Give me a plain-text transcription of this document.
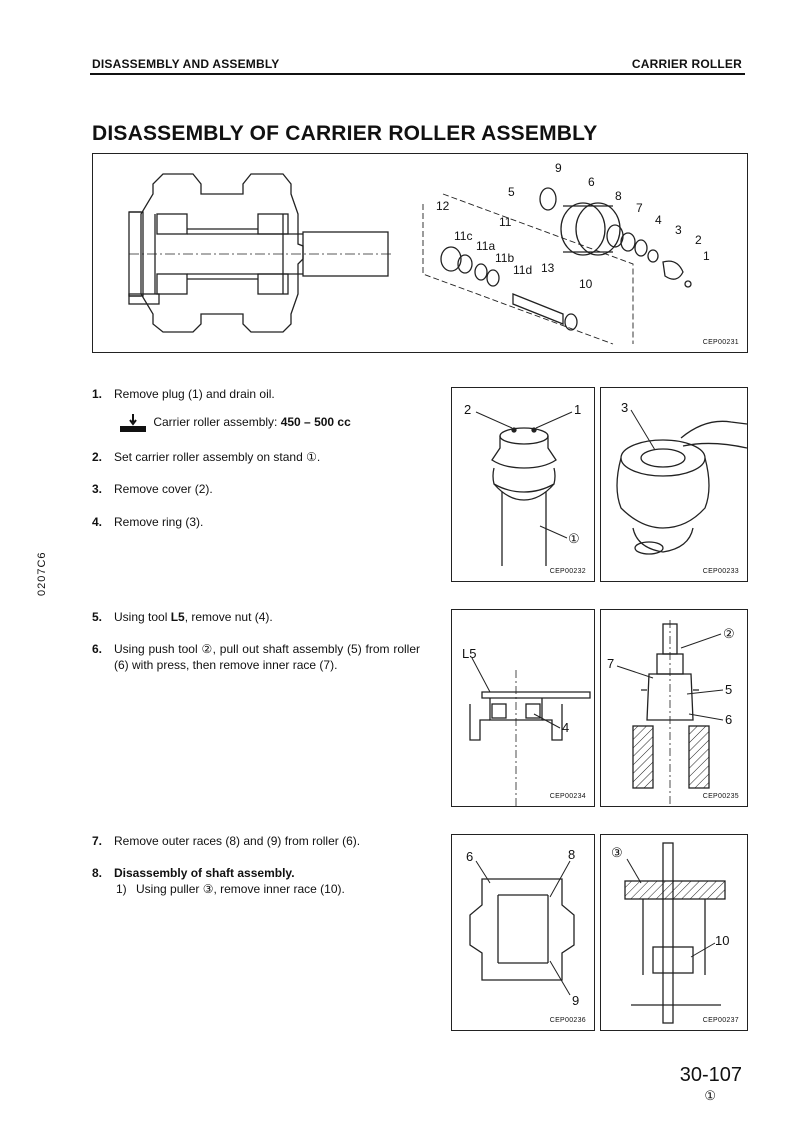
DISASSEMBLY AND ASSEMBLY	CARRIER ROLLER
DISASSEMBLY OF CARRIER ROLLER ASSEMBLY
0207C6
9
6
5	8
12	7
11	4
3
11c
11a	2
11b	1
11d 13
10
CEP00231
1. Remove plug (1) and drain oil.
Carrier roller assembly: 450 – 500 cc
2. Set carrier roller assembly on stand ①.
3. Remove cover (2).
4. Remove ring (3).
5. Using tool L5, remove nut (4).
6. Using push tool ②, pull out shaft assembly (5) from roller (6) with press, then remove inner race (7).
7. Remove outer races (8) and (9) from roller (6).
8. Disassembly of shaft assembly.
1) Using puller ③, remove inner race (10).
2	1
①
CEP00232
3
CEP00233
L5
4
CEP00234
②
7
5
6
CEP00235
6	8
9
CEP00236
③
10
CEP00237
30-107
①
